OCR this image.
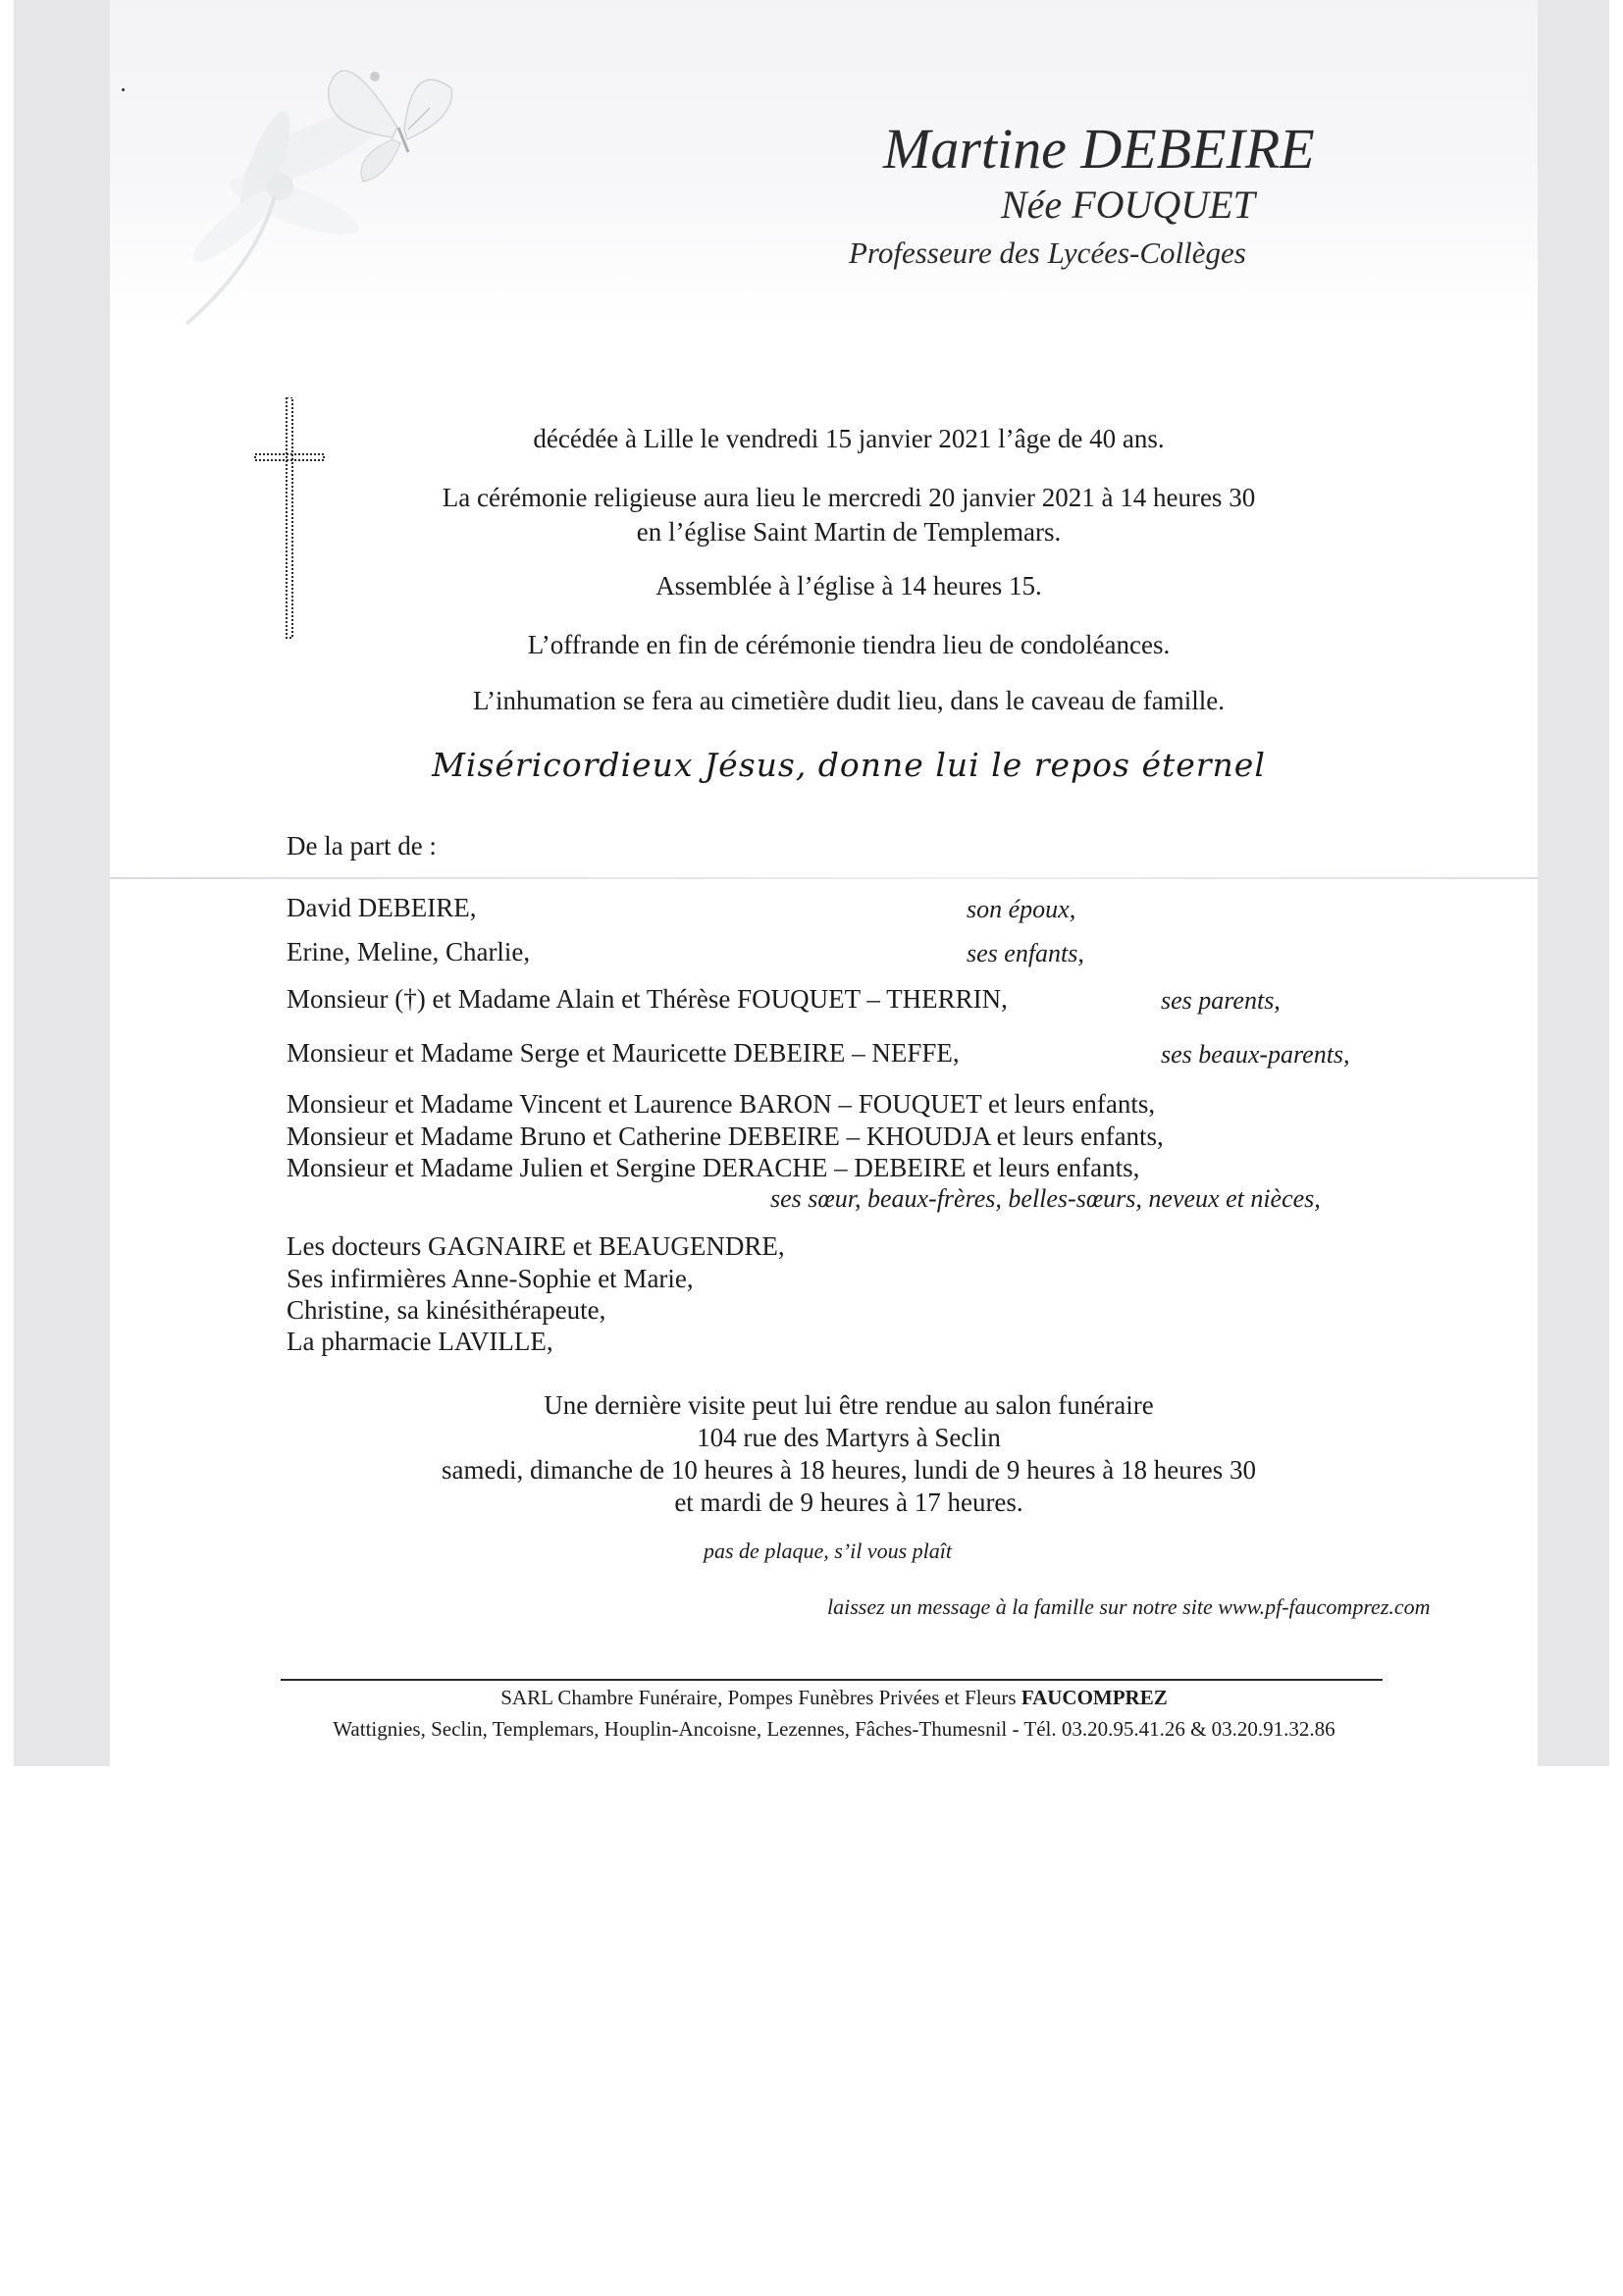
Martine DEBEIRE
Née FOUQUET
Professeure des Lycées-Collèges
décédée à Lille le vendredi 15 janvier 2021 l’âge de 40 ans.
La cérémonie religieuse aura lieu le mercredi 20 janvier 2021 à 14 heures 30
en l’église Saint Martin de Templemars.
Assemblée à l’église à 14 heures 15.
L’offrande en fin de cérémonie tiendra lieu de condoléances.
L’inhumation se fera au cimetière dudit lieu, dans le caveau de famille.
Miséricordieux Jésus, donne lui le repos éternel
De la part de :
David DEBEIRE,	son époux,
Erine, Meline, Charlie,	ses enfants,
Monsieur (†) et Madame Alain et Thérèse FOUQUET – THERRIN,	ses parents,
Monsieur et Madame Serge et Mauricette DEBEIRE – NEFFE,	ses beaux-parents,
Monsieur et Madame Vincent et Laurence BARON – FOUQUET et leurs enfants,
Monsieur et Madame Bruno et Catherine DEBEIRE – KHOUDJA et leurs enfants,
Monsieur et Madame Julien et Sergine DERACHE – DEBEIRE et leurs enfants,
ses sœur, beaux-frères, belles-sœurs, neveux et nièces,
Les docteurs GAGNAIRE et BEAUGENDRE,
Ses infirmières Anne-Sophie et Marie,
Christine, sa kinésithérapeute,
La pharmacie LAVILLE,
Une dernière visite peut lui être rendue au salon funéraire
104 rue des Martyrs à Seclin
samedi, dimanche de 10 heures à 18 heures, lundi de 9 heures à 18 heures 30
et mardi de 9 heures à 17 heures.
pas de plaque, s’il vous plaît
laissez un message à la famille sur notre site www.pf-faucomprez.com
SARL Chambre Funéraire, Pompes Funèbres Privées et Fleurs FAUCOMPREZ
Wattignies, Seclin, Templemars, Houplin-Ancoisne, Lezennes, Fâches-Thumesnil - Tél. 03.20.95.41.26 & 03.20.91.32.86
